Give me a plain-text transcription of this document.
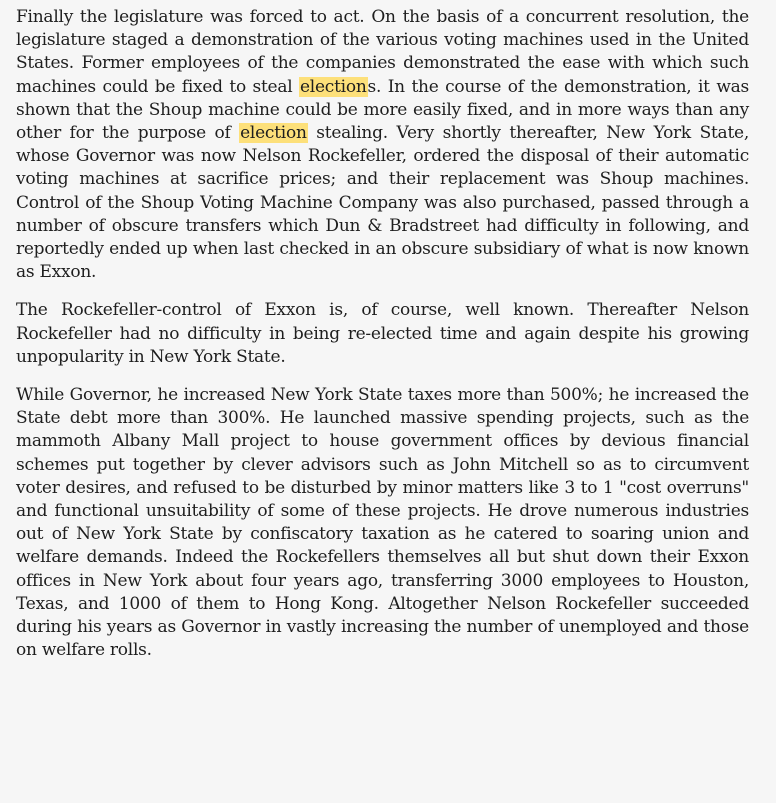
Finally the legislature was forced to act. On the basis of a concurrent resolution, the legislature staged a demonstration of the various voting machines used in the United States. Former employees of the companies demonstrated the ease with which such machines could be fixed to steal elections. In the course of the demonstration, it was shown that the Shoup machine could be more easily fixed, and in more ways than any other for the purpose of election stealing. Very shortly thereafter, New York State, whose Governor was now Nelson Rockefeller, ordered the disposal of their automatic voting machines at sacrifice prices; and their replacement was Shoup machines. Control of the Shoup Voting Machine Company was also purchased, passed through a number of obscure transfers which Dun & Bradstreet had difficulty in following, and reportedly ended up when last checked in an obscure subsidiary of what is now known as Exxon.

The Rockefeller-control of Exxon is, of course, well known. Thereafter Nelson Rockefeller had no difficulty in being re-elected time and again despite his growing unpopularity in New York State.

While Governor, he increased New York State taxes more than 500%; he increased the State debt more than 300%. He launched massive spending projects, such as the mammoth Albany Mall project to house government offices by devious financial schemes put together by clever advisors such as John Mitchell so as to circumvent voter desires, and refused to be disturbed by minor matters like 3 to 1 "cost overruns" and functional unsuitability of some of these projects. He drove numerous industries out of New York State by confiscatory taxation as he catered to soaring union and welfare demands. Indeed the Rockefellers themselves all but shut down their Exxon offices in New York about four years ago, transferring 3000 employees to Houston, Texas, and 1000 of them to Hong Kong. Altogether Nelson Rockefeller succeeded during his years as Governor in vastly increasing the number of unemployed and those on welfare rolls.
